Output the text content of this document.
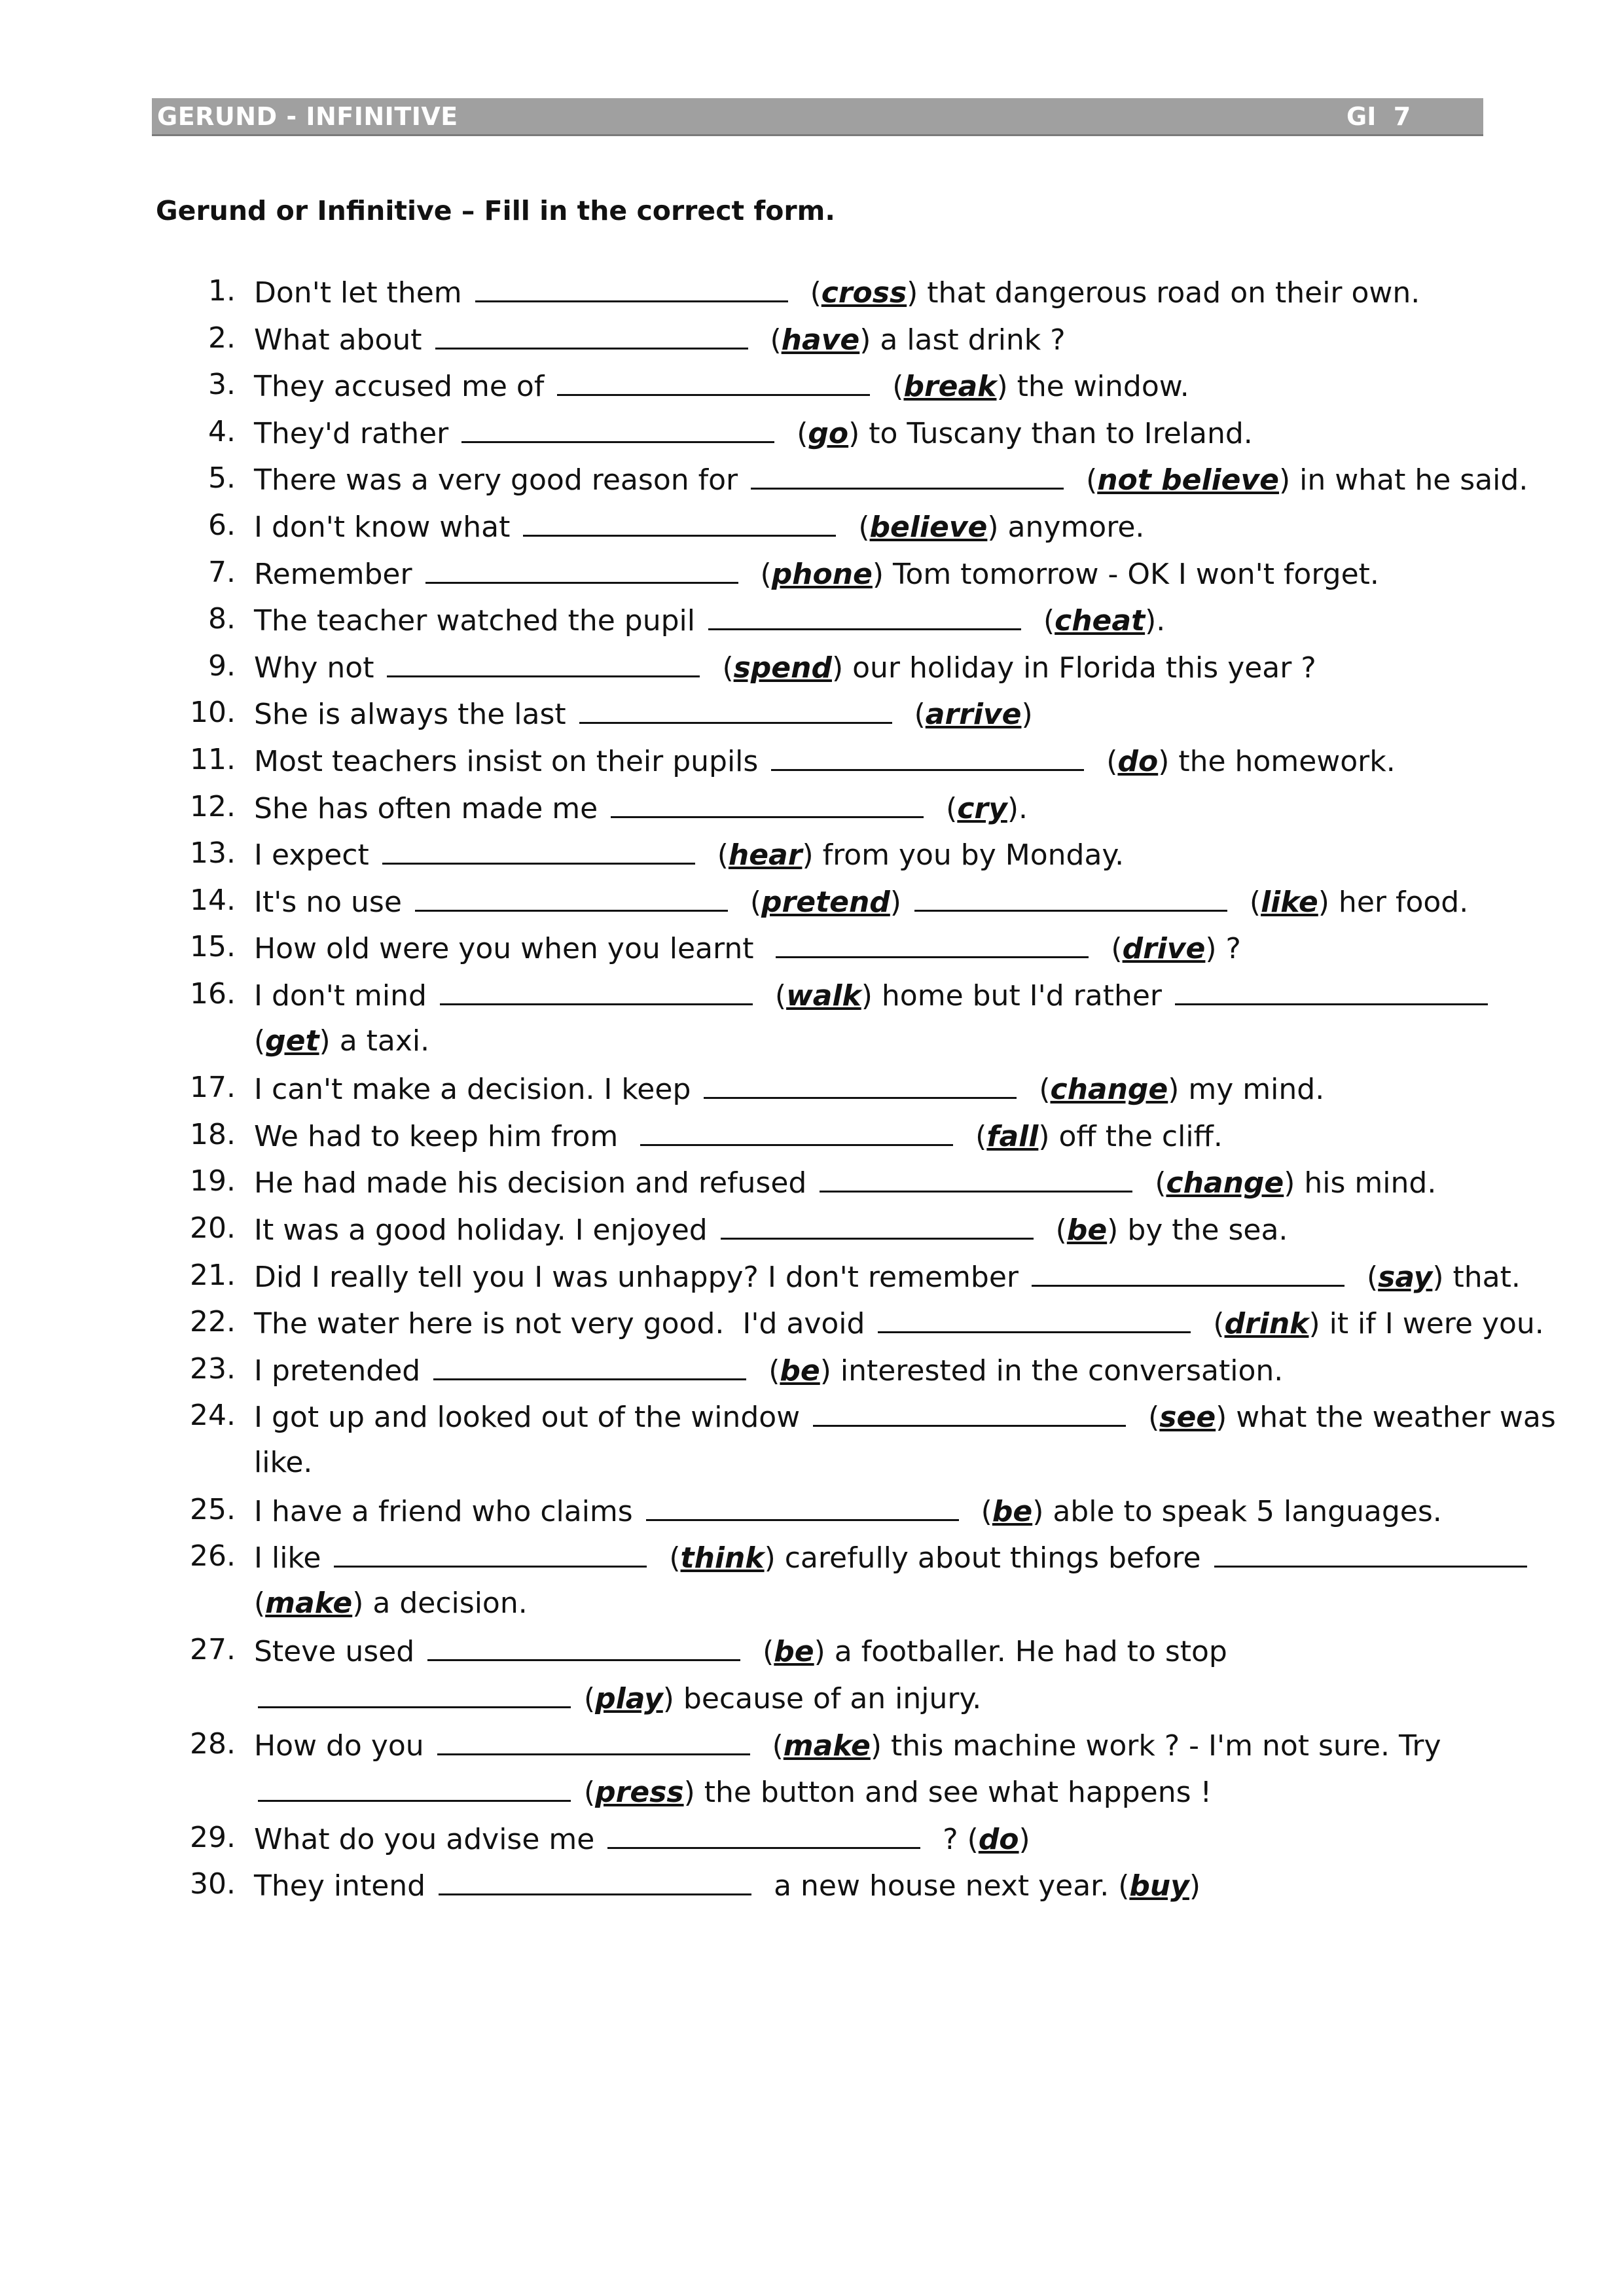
GERUND - INFINITIVE	GI  7
Gerund or Infinitive – Fill in the correct form.
1. Don't let them	(cross) that dangerous road on their own.
2. What about	(have) a last drink ?
3. They accused me of	(break) the window.
4. They'd rather	(go) to Tuscany than to Ireland.
5. There was a very good reason for	(not believe) in what he said.
6. I don't know what	(believe) anymore.
7. Remember	(phone) Tom tomorrow - OK I won't forget.
8. The teacher watched the pupil	(cheat).
9. Why not	(spend) our holiday in Florida this year ?
10. She is always the last	(arrive)
11. Most teachers insist on their pupils	(do) the homework.
12. She has often made me	(cry).
13. I expect	(hear) from you by Monday.
14. It's no use	(pretend)	(like) her food.
15. How old were you when you learnt	(drive) ?
16. I don't mind	(walk) home but I'd rather
(get) a taxi.
17. I can't make a decision. I keep	(change) my mind.
18. We had to keep him from	(fall) off the cliff.
19. He had made his decision and refused	(change) his mind.
20. It was a good holiday. I enjoyed	(be) by the sea.
21. Did I really tell you I was unhappy? I don't remember	(say) that.
22. The water here is not very good.  I'd avoid	(drink) it if I were you.
23. I pretended	(be) interested in the conversation.
24. I got up and looked out of the window	(see) what the weather was
like.
25. I have a friend who claims	(be) able to speak 5 languages.
26. I like	(think) carefully about things before
(make) a decision.
27. Steve used	(be) a footballer. He had to stop
(play) because of an injury.
28. How do you	(make) this machine work ? - I'm not sure. Try
(press) the button and see what happens !
29. What do you advise me	? (do)
30. They intend	a new house next year. (buy)
